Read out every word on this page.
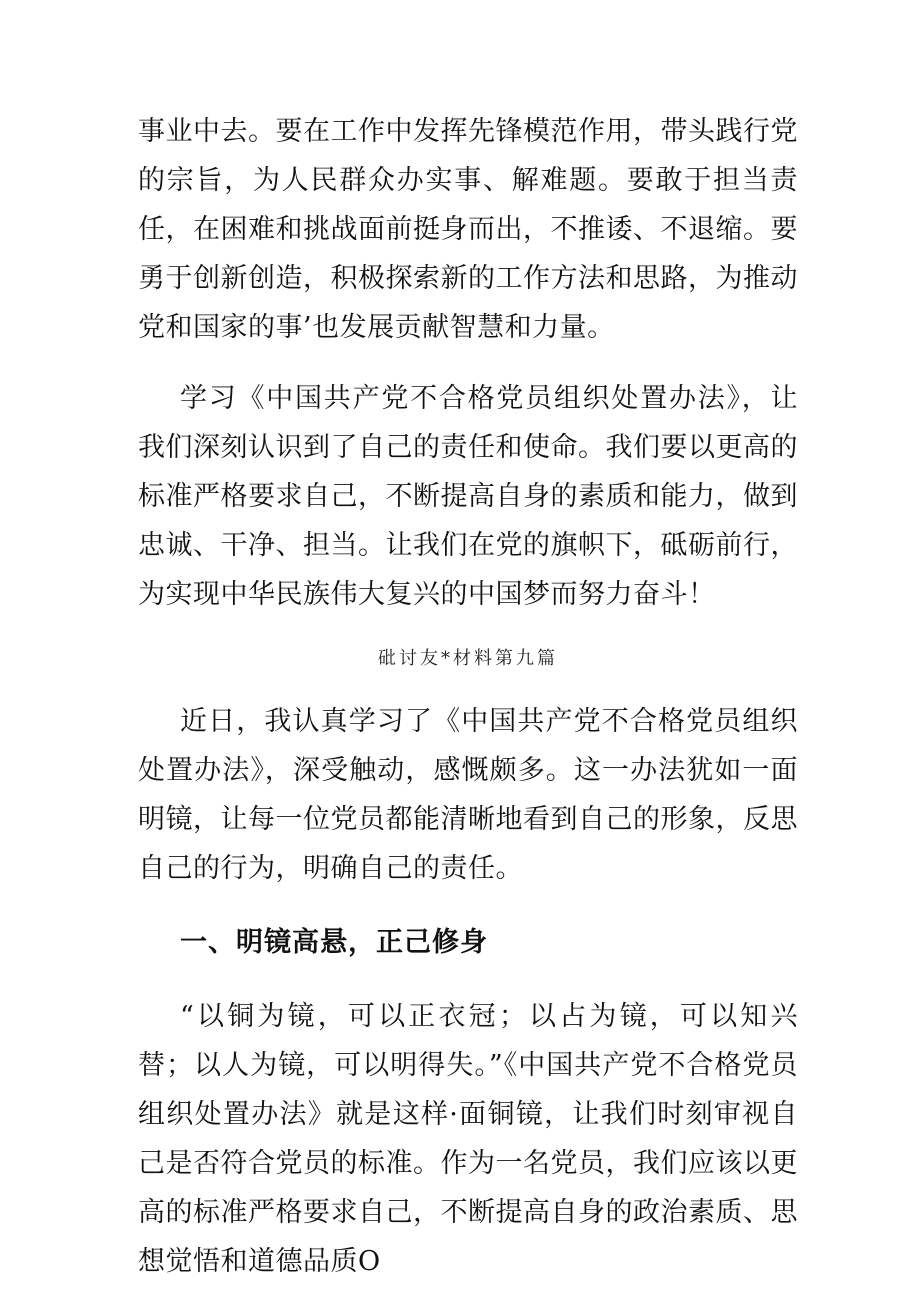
事业中去。要在工作中发挥先锋模范作用，带头践行党的宗旨，为人民群众办实事、解难题。要敢于担当责任，在困难和挑战面前挺身而出，不推诿、不退缩。要勇于创新创造，积极探索新的工作方法和思路，为推动党和国家的事’也发展贡献智慧和力量。

学习《中国共产党不合格党员组织处置办法》，让我们深刻认识到了自己的责任和使命。我们要以更高的标准严格要求自己，不断提高自身的素质和能力，做到忠诚、干净、担当。让我们在党的旗帜下，砥砺前行，为实现中华民族伟大复兴的中国梦而努力奋斗！

砒讨友*材料第九篇

近日，我认真学习了《中国共产党不合格党员组织处置办法》，深受触动，感慨颇多。这一办法犹如一面明镜，让每一位党员都能清晰地看到自己的形象，反思自己的行为，明确自己的责任。

一、明镜高悬，正己修身

“以铜为镜，可以正衣冠；以占为镜，可以知兴替；以人为镜，可以明得失。”《中国共产党不合格党员组织处置办法》就是这样·面铜镜，让我们时刻审视自己是否符合党员的标准。作为一名党员，我们应该以更高的标准严格要求自己，不断提高自身的政治素质、思想觉悟和道德品质O
